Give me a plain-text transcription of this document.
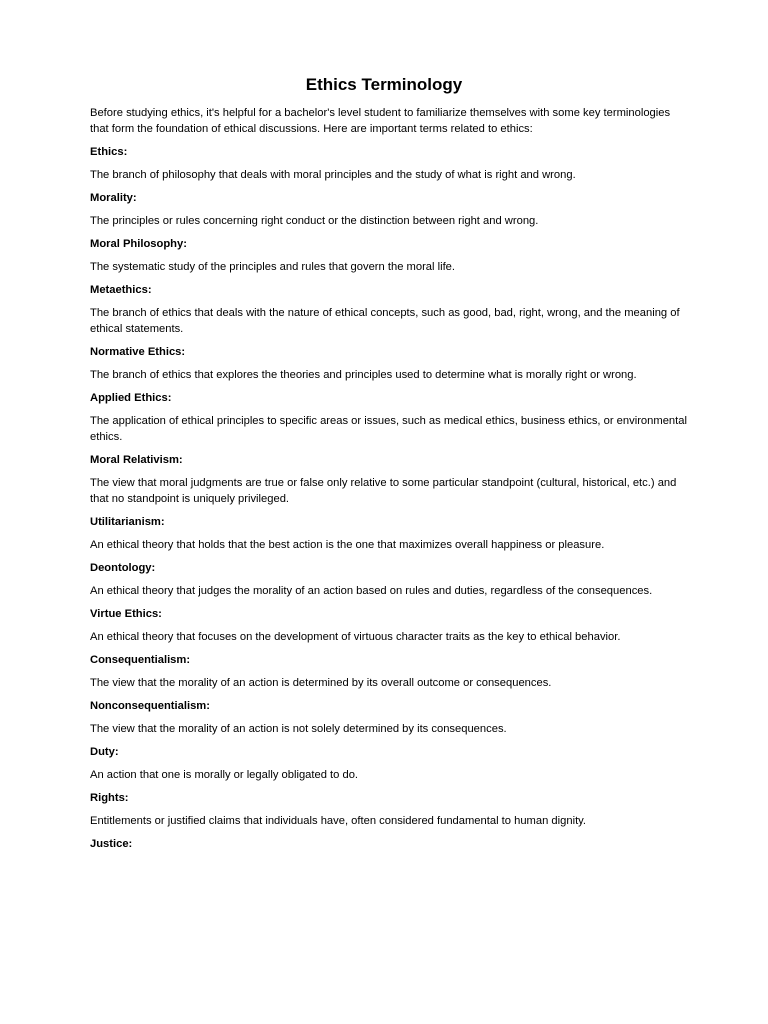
Ethics Terminology

Before studying ethics, it's helpful for a bachelor's level student to familiarize themselves with some key terminologies that form the foundation of ethical discussions. Here are important terms related to ethics:

Ethics:

The branch of philosophy that deals with moral principles and the study of what is right and wrong.

Morality:

The principles or rules concerning right conduct or the distinction between right and wrong.

Moral Philosophy:

The systematic study of the principles and rules that govern the moral life.

Metaethics:

The branch of ethics that deals with the nature of ethical concepts, such as good, bad, right, wrong, and the meaning of ethical statements.

Normative Ethics:

The branch of ethics that explores the theories and principles used to determine what is morally right or wrong.

Applied Ethics:

The application of ethical principles to specific areas or issues, such as medical ethics, business ethics, or environmental ethics.

Moral Relativism:

The view that moral judgments are true or false only relative to some particular standpoint (cultural, historical, etc.) and that no standpoint is uniquely privileged.

Utilitarianism:

An ethical theory that holds that the best action is the one that maximizes overall happiness or pleasure.

Deontology:

An ethical theory that judges the morality of an action based on rules and duties, regardless of the consequences.

Virtue Ethics:

An ethical theory that focuses on the development of virtuous character traits as the key to ethical behavior.

Consequentialism:

The view that the morality of an action is determined by its overall outcome or consequences.

Nonconsequentialism:

The view that the morality of an action is not solely determined by its consequences.

Duty:

An action that one is morally or legally obligated to do.

Rights:

Entitlements or justified claims that individuals have, often considered fundamental to human dignity.

Justice:
